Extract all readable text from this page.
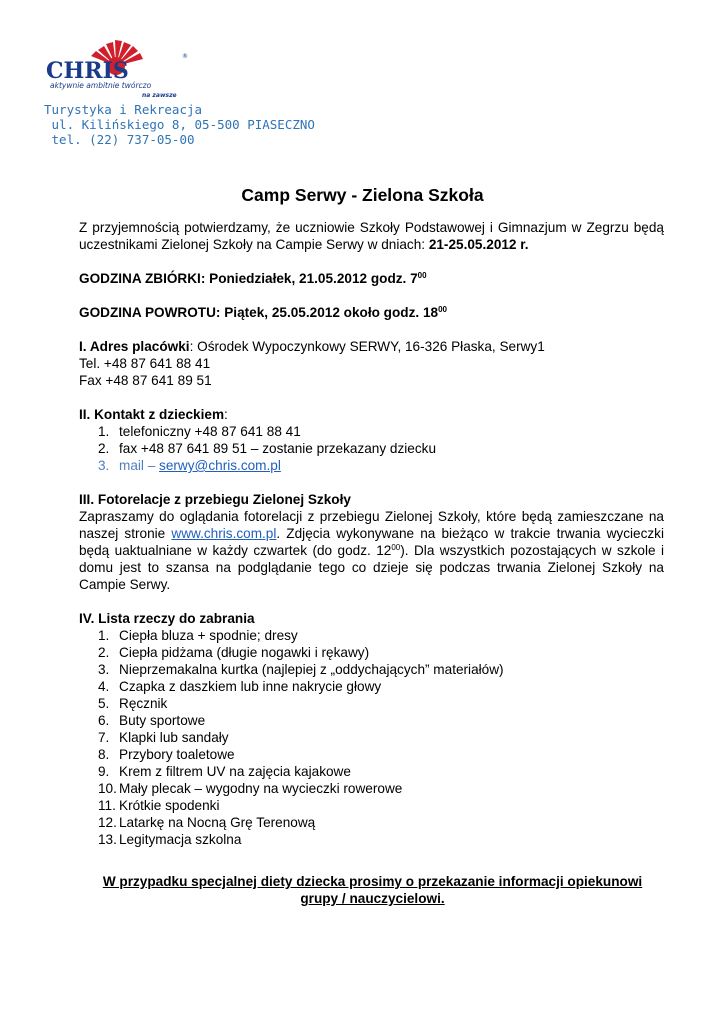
CHRIS
®
aktywnie ambitnie twórczo
na zawsze
Turystyka i Rekreacja
ul. Kilińskiego 8, 05-500 PIASECZNO
tel. (22) 737-05-00
Camp Serwy - Zielona Szkoła

Z przyjemnością potwierdzamy, że uczniowie Szkoły Podstawowej i Gimnazjum w Zegrzu będą uczestnikami Zielonej Szkoły na Campie Serwy w dniach: 21-25.05.2012 r.

GODZINA ZBIÓRKI: Poniedziałek, 21.05.2012 godz. $7^{00}$

GODZINA POWROTU: Piątek, 25.05.2012 około godz. $18^{00}$

I. Adres placówki: Ośrodek Wypoczynkowy SERWY, 16-326 Płaska, Serwy1

Tel. +48 87 641 88 41

Fax +48 87 641 89 51

II. Kontakt z dzieckiem:

1. telefoniczny +48 87 641 88 41
2. fax +48 87 641 89 51 – zostanie przekazany dziecku
3. mail –
serwy@chris.com.pl

III. Fotorelacje z przebiegu Zielonej Szkoły

Zapraszamy do oglądania fotorelacji z przebiegu Zielonej Szkoły, które będą zamieszczane na naszej stronie www.chris.com.pl. Zdjęcia wykonywane na bieżąco w trakcie trwania wycieczki będą uaktualniane w każdy czwartek (do godz. $12^{00}$). Dla wszystkich pozostających w szkole i domu jest to szansa na podglądanie tego co dzieje się podczas trwania Zielonej Szkoły na Campie Serwy.

IV. Lista rzeczy do zabrania

1. Ciepła bluza + spodnie; dresy
2. Ciepła pidżama (długie nogawki i rękawy)
3. Nieprzemakalna kurtka (najlepiej z „oddychających” materiałów)
4. Czapka z daszkiem lub inne nakrycie głowy
5. Ręcznik
6. Buty sportowe
7. Klapki lub sandały
8. Przybory toaletowe
9. Krem z filtrem UV na zajęcia kajakowe
10. Mały plecak – wygodny na wycieczki rowerowe
11. Krótkie spodenki
12. Latarkę na Nocną Grę Terenową
13. Legitymacja szkolna
W przypadku specjalnej diety dziecka prosimy o przekazanie informacji opiekunowi
grupy / nauczycielowi.
